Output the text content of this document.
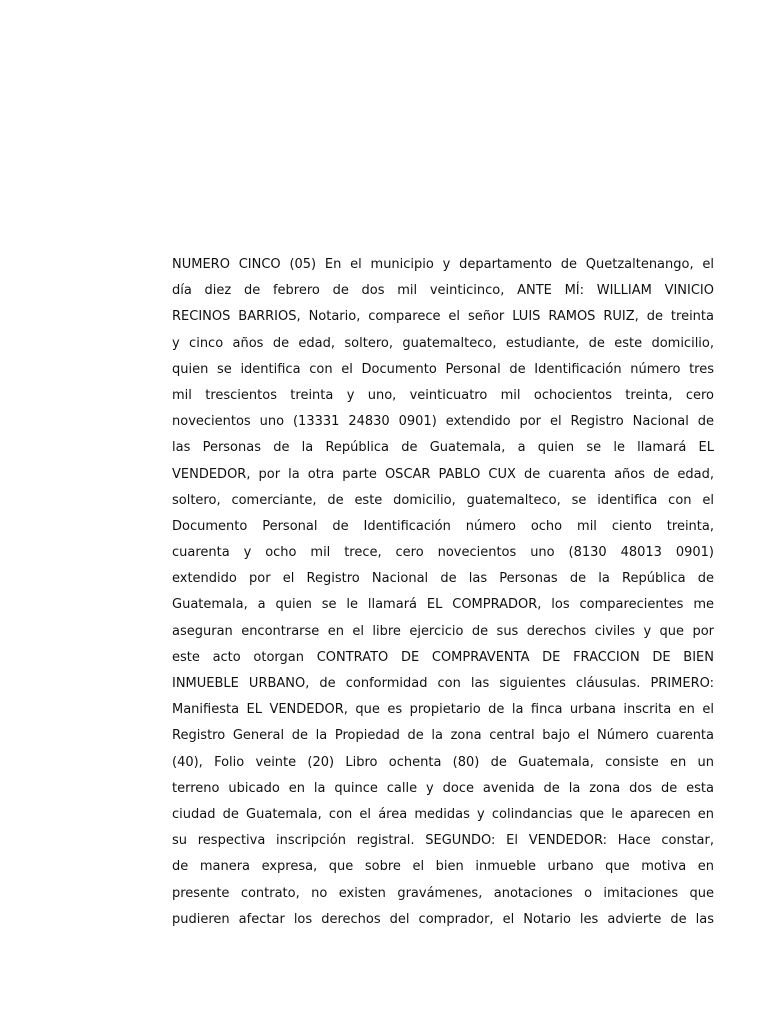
NUMERO CINCO (05) En el municipio y departamento de Quetzaltenango, el
día diez de febrero de dos mil veinticinco, ANTE MÍ: WILLIAM VINICIO
RECINOS BARRIOS, Notario, comparece el señor LUIS RAMOS RUIZ, de treinta
y cinco años de edad, soltero, guatemalteco, estudiante, de este domicilio,
quien se identifica con el Documento Personal de Identificación número tres
mil trescientos treinta y uno, veinticuatro mil ochocientos treinta, cero
novecientos uno (13331 24830 0901) extendido por el Registro Nacional de
las Personas de la República de Guatemala, a quien se le llamará EL
VENDEDOR, por la otra parte OSCAR PABLO CUX de cuarenta años de edad,
soltero, comerciante, de este domicilio, guatemalteco, se identifica con el
Documento Personal de Identificación número ocho mil ciento treinta,
cuarenta y ocho mil trece, cero novecientos uno (8130 48013 0901)
extendido por el Registro Nacional de las Personas de la República de
Guatemala, a quien se le llamará EL COMPRADOR, los comparecientes me
aseguran encontrarse en el libre ejercicio de sus derechos civiles y que por
este acto otorgan CONTRATO DE COMPRAVENTA DE FRACCION DE BIEN
INMUEBLE URBANO, de conformidad con las siguientes cláusulas. PRIMERO:
Manifiesta EL VENDEDOR, que es propietario de la finca urbana inscrita en el
Registro General de la Propiedad de la zona central bajo el Número cuarenta
(40), Folio veinte (20) Libro ochenta (80) de Guatemala, consiste en un
terreno ubicado en la quince calle y doce avenida de la zona dos de esta
ciudad de Guatemala, con el área medidas y colindancias que le aparecen en
su respectiva inscripción registral. SEGUNDO: El VENDEDOR: Hace constar,
de manera expresa, que sobre el bien inmueble urbano que motiva en
presente contrato, no existen gravámenes, anotaciones o imitaciones que
pudieren afectar los derechos del comprador, el Notario les advierte de las
